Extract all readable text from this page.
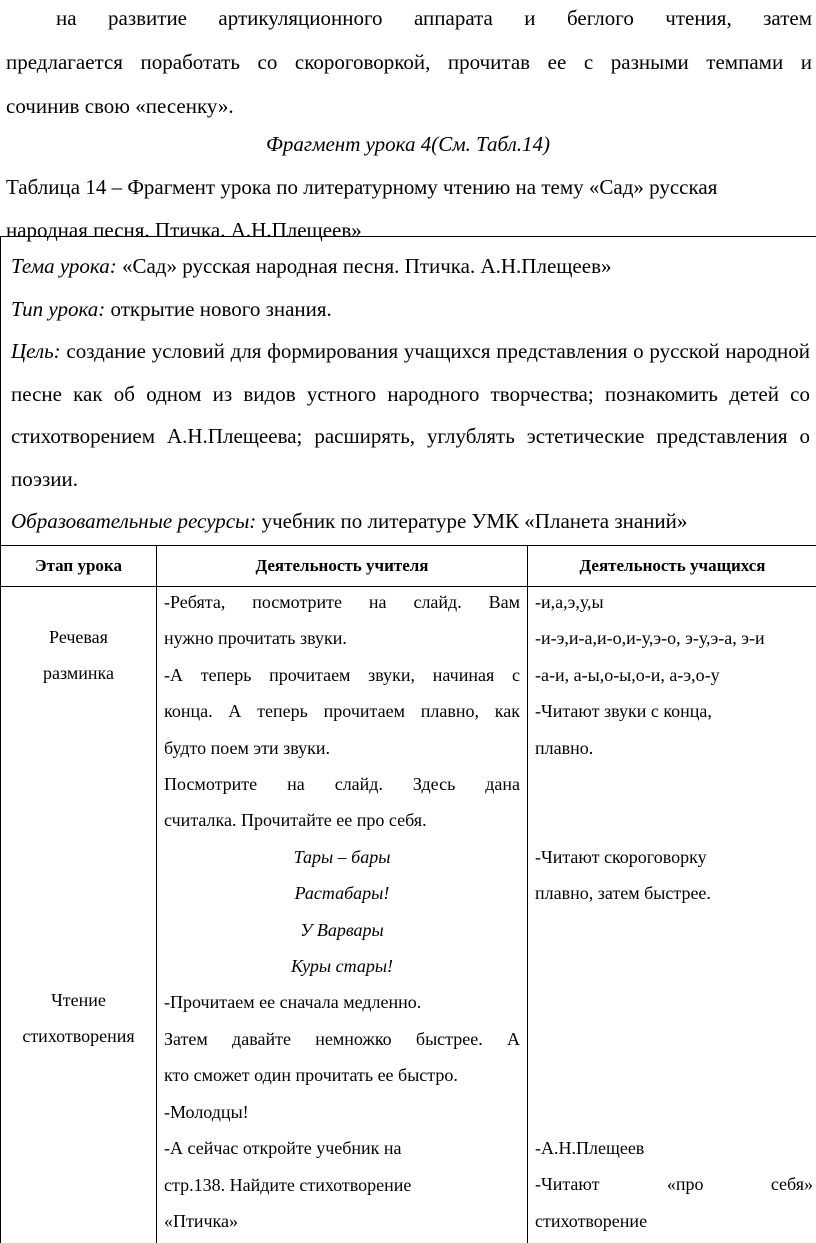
на развитие артикуляционного аппарата и беглого чтения, затем
предлагается поработать со скороговоркой, прочитав ее с разными темпами и
сочинив свою «песенку».
Фрагмент урока 4(См. Табл.14)
Таблица 14 – Фрагмент урока по литературному чтению на тему «Сад» русская
народная песня. Птичка. А.Н.Плещеев»
Тема урока: «Сад» русская народная песня. Птичка. А.Н.Плещеев»
Тип урока: открытие нового знания.
Цель: создание условий для формирования учащихся представления о русской народной песне как об одном из видов устного народного творчества; познакомить детей со стихотворением А.Н.Плещеева; расширять, углублять эстетические представления о поэзии.
Образовательные ресурсы: учебник по литературе УМК «Планета знаний»
Этап урока	Деятельность учителя	Деятельность учащихся
Речевая
разминка
Чтение
стихотворения
-Ребята, посмотрите на слайд. Вам
нужно прочитать звуки.
-А теперь прочитаем звуки, начиная с
конца. А теперь прочитаем плавно, как
будто поем эти звуки.
Посмотрите на слайд. Здесь дана
считалка. Прочитайте ее про себя.
Тары – бары
Растабары!
У Варвары
Куры стары!
-Прочитаем ее сначала медленно.
Затем давайте немножко быстрее. А
кто сможет один прочитать ее быстро.
-Молодцы!
-А сейчас откройте учебник на
стр.138. Найдите стихотворение
«Птичка»
-и,а,э,у,ы
-и-э,и-а,и-о,и-у,э-о, э-у,э-а, э-и
-а-и, а-ы,о-ы,о-и, а-э,о-у
-Читают звуки с конца,
плавно.
-Читают скороговорку
плавно, затем быстрее.
-А.Н.Плещеев
-Читают «про себя»
стихотворение
